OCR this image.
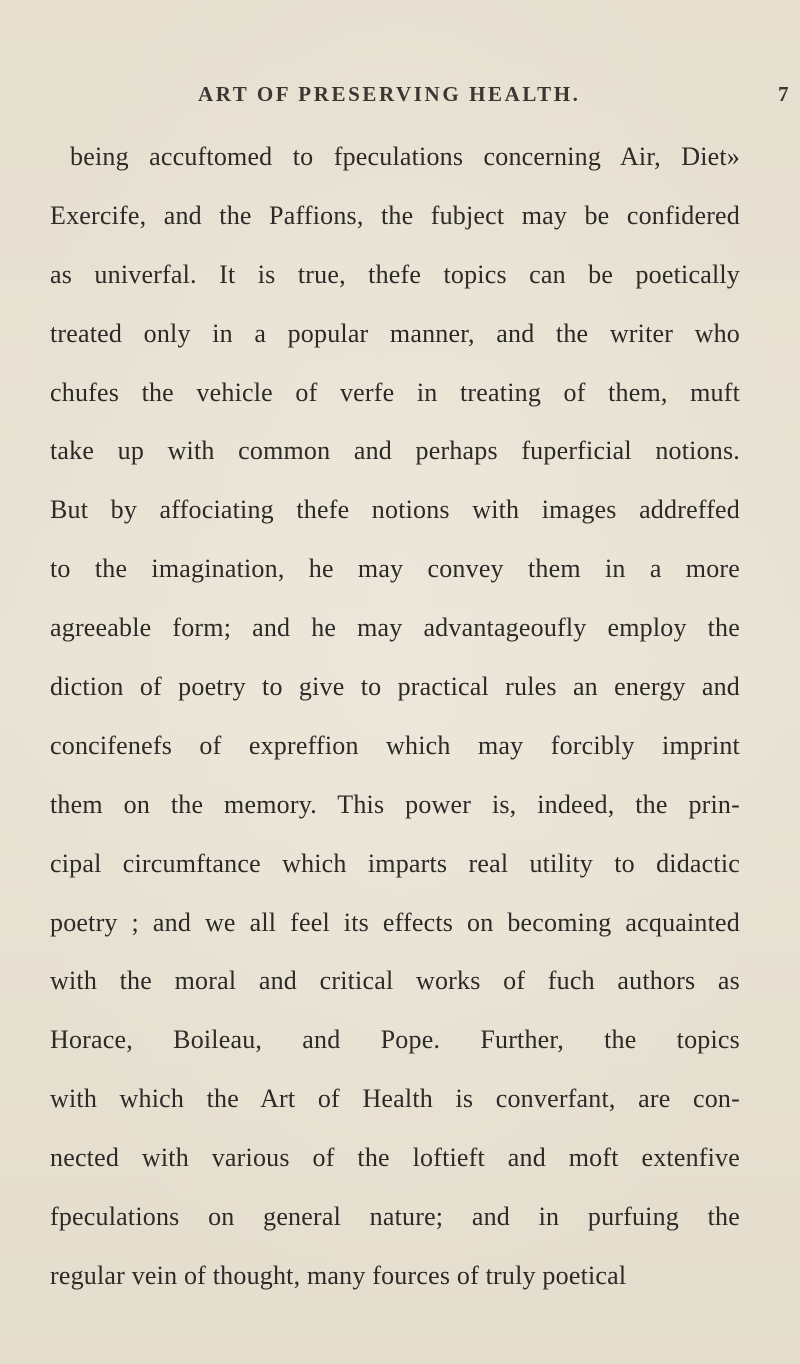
ART OF PRESERVING HEALTH.	7
being accuftomed to fpeculations concerning Air, Diet»
Exercife, and the Paffions, the fubject may be confidered
as univerfal. It is true, thefe topics can be poetically
treated only in a popular manner, and the writer who
chufes the vehicle of verfe in treating of them, muft
take up with common and perhaps fuperficial notions.
But by affociating thefe notions with images addreffed
to the imagination, he may convey them in a more
agreeable form; and he may advantageoufly employ the
diction of poetry to give to practical rules an energy and
concifenefs of expreffion which may forcibly imprint
them on the memory. This power is, indeed, the prin-
cipal circumftance which imparts real utility to didactic
poetry ; and we all feel its effects on becoming acquainted
with the moral and critical works of fuch authors as
Horace, Boileau, and Pope. Further, the topics
with which the Art of Health is converfant, are con-
nected with various of the loftieft and moft extenfive
fpeculations on general nature; and in purfuing the
regular vein of thought, many fources of truly poetical
